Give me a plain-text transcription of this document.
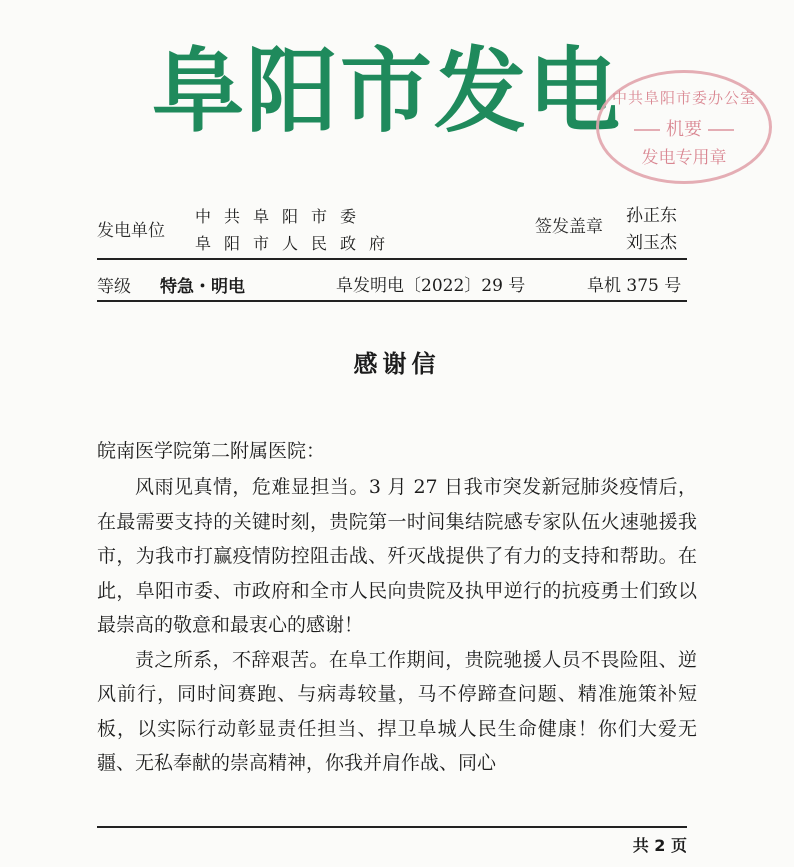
阜阳市发电
中共阜阳市委办公室
机要
发电专用章
发电单位
中共阜阳市委
阜阳市人民政府
签发盖章
孙正东
刘玉杰
等级 特急・明电	阜发明电〔2022〕29 号	阜机 375 号
感谢信
皖南医学院第二附属医院：

风雨见真情，危难显担当。3 月 27 日我市突发新冠肺炎疫情后，在最需要支持的关键时刻，贵院第一时间集结院感专家队伍火速驰援我市，为我市打赢疫情防控阻击战、歼灭战提供了有力的支持和帮助。在此，阜阳市委、市政府和全市人民向贵院及执甲逆行的抗疫勇士们致以最崇高的敬意和最衷心的感谢！

责之所系，不辞艰苦。在阜工作期间，贵院驰援人员不畏险阻、逆风前行，同时间赛跑、与病毒较量，马不停蹄查问题、精准施策补短板，以实际行动彰显责任担当、捍卫阜城人民生命健康！你们大爱无疆、无私奉献的崇高精神，你我并肩作战、同心

共 2 页
